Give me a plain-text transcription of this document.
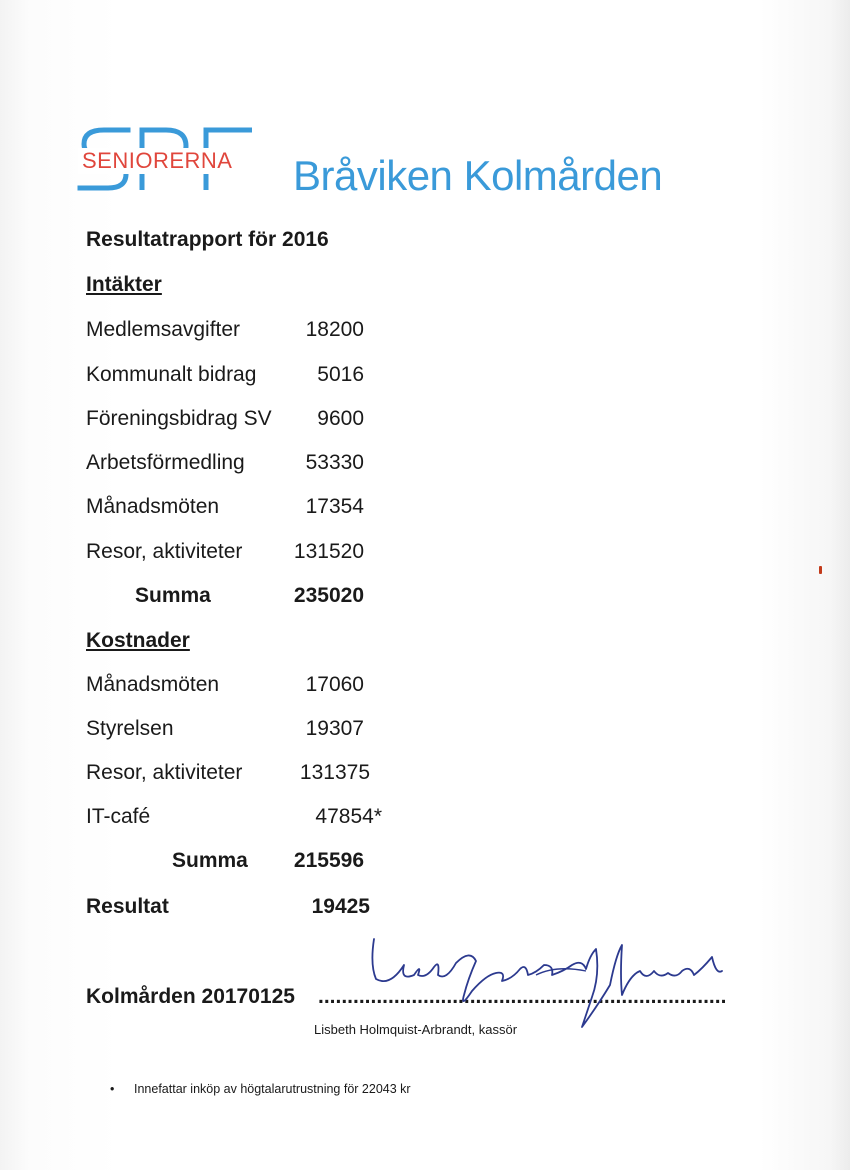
SENIORERNA Bråviken Kolmården
Resultatrapport för 2016
Intäkter
Medlemsavgifter	18200
Kommunalt bidrag	5016
Föreningsbidrag SV 9600
Arbetsförmedling	53330
Månadsmöten	17354
Resor, aktiviteter 131520
Summa	235020
Kostnader
Månadsmöten	17060
Styrelsen	19307
Resor, aktiviteter	131375
IT-café	47854*
Summa 215596
Resultat	19425
Kolmården 20170125 ......................................................................
Lisbeth Holmquist-Arbrandt, kassör
• Innefattar inköp av högtalarutrustning för 22043 kr
